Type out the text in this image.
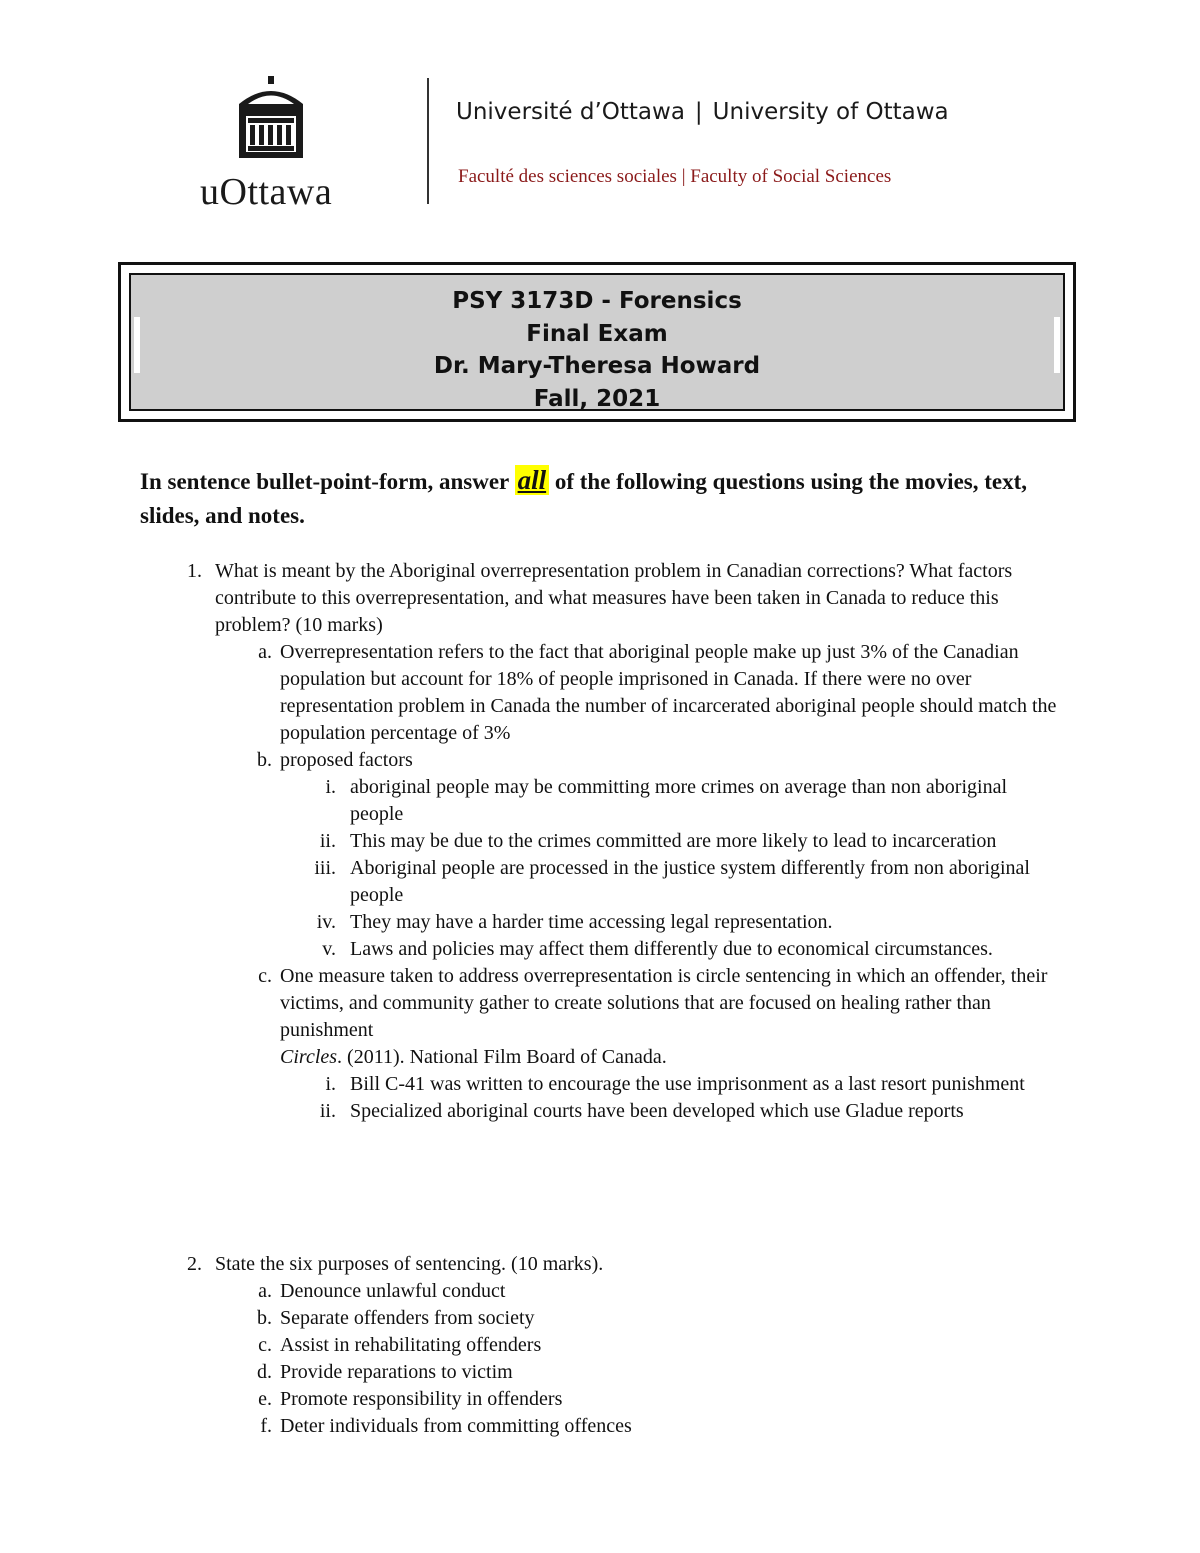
uOttawa
Université d’Ottawa | University of Ottawa
Faculté des sciences sociales | Faculty of Social Sciences
PSY 3173D - Forensics
Final Exam
Dr. Mary-Theresa Howard
Fall, 2021
In sentence bullet-point-form, answer all of the following questions using the movies, text, slides, and notes.
1. What is meant by the Aboriginal overrepresentation problem in Canadian corrections? What factors contribute to this overrepresentation, and what measures have been taken in Canada to reduce this problem? (10 marks)
a. Overrepresentation refers to the fact that aboriginal people make up just 3% of the Canadian population but account for 18% of people imprisoned in Canada. If there were no over representation problem in Canada the number of incarcerated aboriginal people should match the population percentage of 3%
b. proposed factors
i. aboriginal people may be committing more crimes on average than non aboriginal people
ii. This may be due to the crimes committed are more likely to lead to incarceration
iii. Aboriginal people are processed in the justice system differently from non aboriginal people
iv. They may have a harder time accessing legal representation.
v. Laws and policies may affect them differently due to economical circumstances.
c. One measure taken to address overrepresentation is circle sentencing in which an offender, their victims, and community gather to create solutions that are focused on healing rather than punishment
Circles. (2011). National Film Board of Canada.
i. Bill C-41 was written to encourage the use imprisonment as a last resort punishment
ii. Specialized aboriginal courts have been developed which use Gladue reports
2. State the six purposes of sentencing. (10 marks).
a. Denounce unlawful conduct
b. Separate offenders from society
c. Assist in rehabilitating offenders
d. Provide reparations to victim
e. Promote responsibility in offenders
f. Deter individuals from committing offences
